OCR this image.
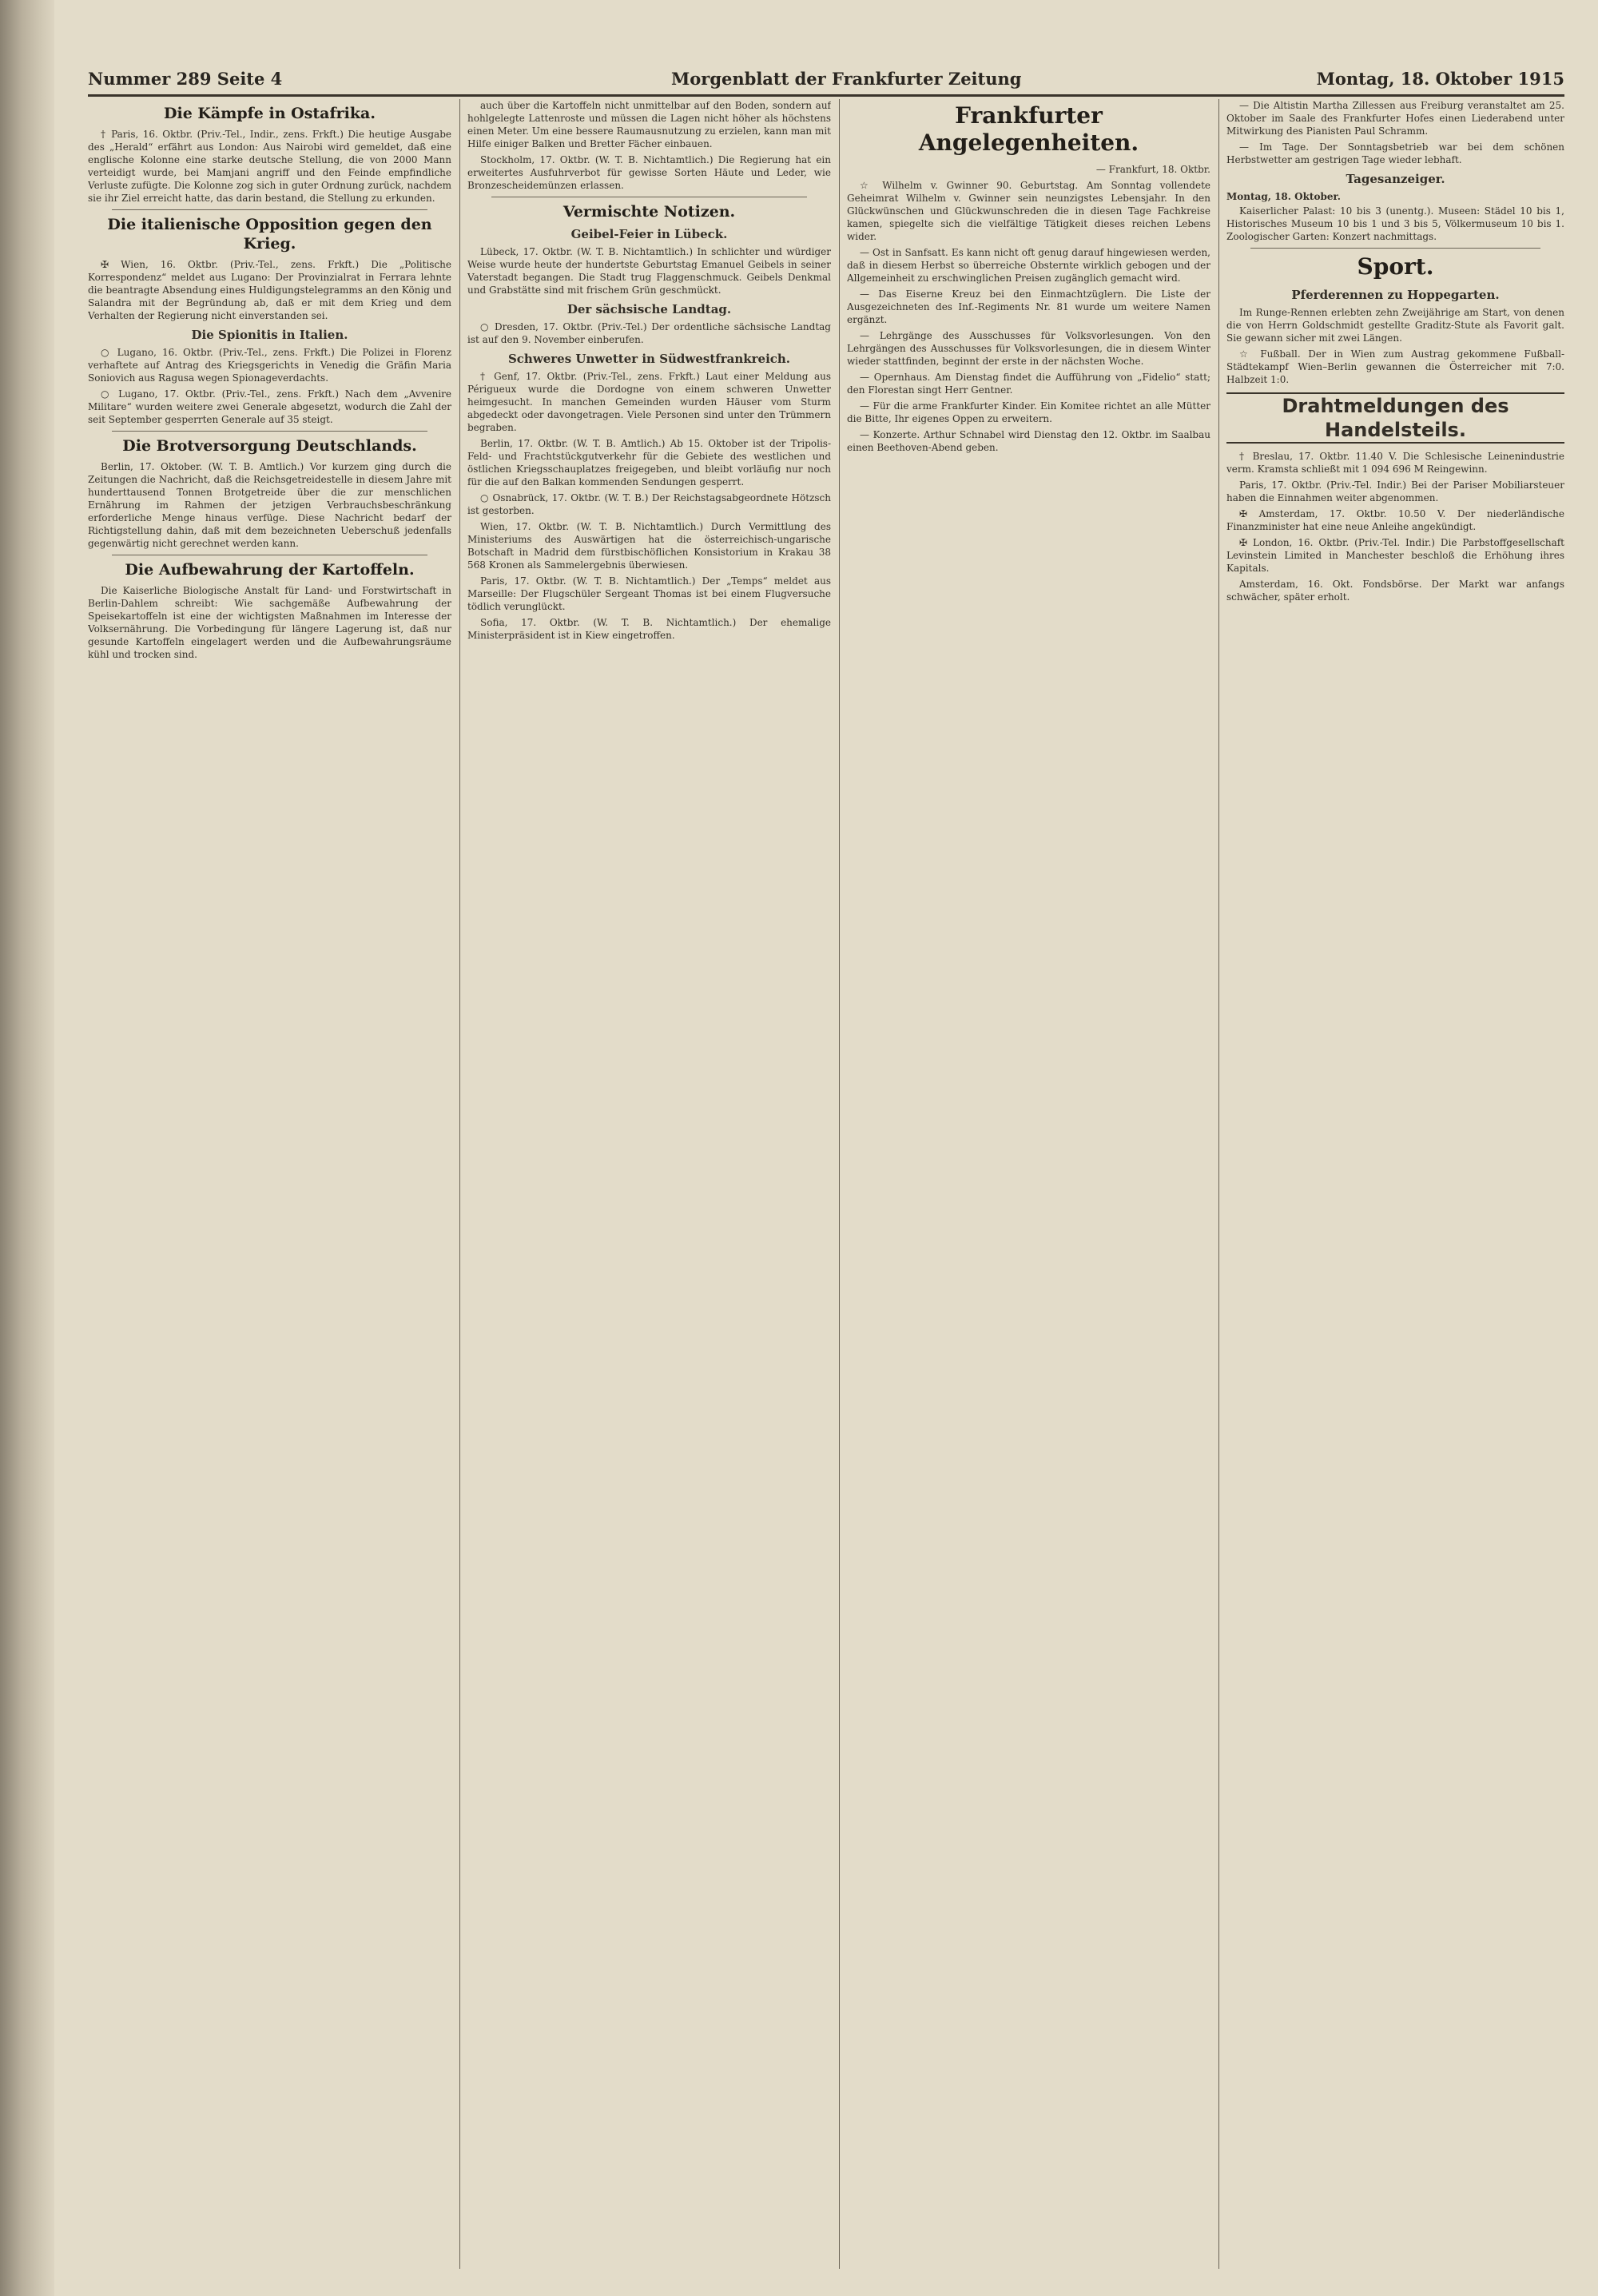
Nummer 289 Seite 4	Morgenblatt der Frankfurter Zeitung	Montag, 18. Oktober 1915
Die Kämpfe in Ostafrika.

† Paris, 16. Oktbr. (Priv.-Tel., Indir., zens. Frkft.) Die heutige Ausgabe des „Herald“ erfährt aus London: Aus Nairobi wird gemeldet, daß eine englische Kolonne eine starke deutsche Stellung, die von 2000 Mann verteidigt wurde, bei Mamjani angriff und den Feinde empfindliche Verluste zufügte. Die Kolonne zog sich in guter Ordnung zurück, nachdem sie ihr Ziel erreicht hatte, das darin bestand, die Stellung zu erkunden.

Die italienische Opposition gegen den Krieg.

✠ Wien, 16. Oktbr. (Priv.-Tel., zens. Frkft.) Die „Politische Korrespondenz“ meldet aus Lugano: Der Provinzialrat in Ferrara lehnte die beantragte Absendung eines Huldigungstelegramms an den König und Salandra mit der Begründung ab, daß er mit dem Krieg und dem Verhalten der Regierung nicht einverstanden sei.

Die Spionitis in Italien.

○ Lugano, 16. Oktbr. (Priv.-Tel., zens. Frkft.) Die Polizei in Florenz verhaftete auf Antrag des Kriegsgerichts in Venedig die Gräfin Maria Soniovich aus Ragusa wegen Spionageverdachts.

○ Lugano, 17. Oktbr. (Priv.-Tel., zens. Frkft.) Nach dem „Avvenire Militare“ wurden weitere zwei Generale abgesetzt, wodurch die Zahl der seit September gesperrten Generale auf 35 steigt.

Die Brotversorgung Deutschlands.

Berlin, 17. Oktober. (W. T. B. Amtlich.) Vor kurzem ging durch die Zeitungen die Nachricht, daß die Reichsgetreidestelle in diesem Jahre mit hunderttausend Tonnen Brotgetreide über die zur menschlichen Ernährung im Rahmen der jetzigen Verbrauchsbeschränkung erforderliche Menge hinaus verfüge. Diese Nachricht bedarf der Richtigstellung dahin, daß mit dem bezeichneten Ueberschuß jedenfalls gegenwärtig nicht gerechnet werden kann.

Die Aufbewahrung der Kartoffeln.

Die Kaiserliche Biologische Anstalt für Land- und Forstwirtschaft in Berlin-Dahlem schreibt: Wie sachgemäße Aufbewahrung der Speisekartoffeln ist eine der wichtigsten Maßnahmen im Interesse der Volksernährung. Die Vorbedingung für längere Lagerung ist, daß nur gesunde Kartoffeln eingelagert werden und die Aufbewahrungsräume kühl und trocken sind.

auch über die Kartoffeln nicht unmittelbar auf den Boden, sondern auf hohlgelegte Lattenroste und müssen die Lagen nicht höher als höchstens einen Meter. Um eine bessere Raumausnutzung zu erzielen, kann man mit Hilfe einiger Balken und Bretter Fächer einbauen.

Stockholm, 17. Oktbr. (W. T. B. Nichtamtlich.) Die Regierung hat ein erweitertes Ausfuhrverbot für gewisse Sorten Häute und Leder, wie Bronzescheidemünzen erlassen.

Vermischte Notizen.
Geibel-Feier in Lübeck.

Lübeck, 17. Oktbr. (W. T. B. Nichtamtlich.) In schlichter und würdiger Weise wurde heute der hundertste Geburtstag Emanuel Geibels in seiner Vaterstadt begangen. Die Stadt trug Flaggenschmuck. Geibels Denkmal und Grabstätte sind mit frischem Grün geschmückt.

Der sächsische Landtag.

○ Dresden, 17. Oktbr. (Priv.-Tel.) Der ordentliche sächsische Landtag ist auf den 9. November einberufen.

Schweres Unwetter in Südwestfrankreich.

† Genf, 17. Oktbr. (Priv.-Tel., zens. Frkft.) Laut einer Meldung aus Périgueux wurde die Dordogne von einem schweren Unwetter heimgesucht. In manchen Gemeinden wurden Häuser vom Sturm abgedeckt oder davongetragen. Viele Personen sind unter den Trümmern begraben.

Berlin, 17. Oktbr. (W. T. B. Amtlich.) Ab 15. Oktober ist der Tripolis-Feld- und Frachtstückgutverkehr für die Gebiete des westlichen und östlichen Kriegsschauplatzes freigegeben, und bleibt vorläufig nur noch für die auf den Balkan kommenden Sendungen gesperrt.

○ Osnabrück, 17. Oktbr. (W. T. B.) Der Reichstagsabgeordnete Hötzsch ist gestorben.

Wien, 17. Oktbr. (W. T. B. Nichtamtlich.) Durch Vermittlung des Ministeriums des Auswärtigen hat die österreichisch-ungarische Botschaft in Madrid dem fürstbischöflichen Konsistorium in Krakau 38 568 Kronen als Sammelergebnis überwiesen.

Paris, 17. Oktbr. (W. T. B. Nichtamtlich.) Der „Temps“ meldet aus Marseille: Der Flugschüler Sergeant Thomas ist bei einem Flugversuche tödlich verunglückt.

Sofia, 17. Oktbr. (W. T. B. Nichtamtlich.) Der ehemalige Ministerpräsident ist in Kiew eingetroffen.

Frankfurter Angelegenheiten.
— Frankfurt, 18. Oktbr.

☆ Wilhelm v. Gwinner 90. Geburtstag. Am Sonntag vollendete Geheimrat Wilhelm v. Gwinner sein neunzigstes Lebensjahr. In den Glückwünschen und Glückwunschreden die in diesen Tage Fachkreise kamen, spiegelte sich die vielfältige Tätigkeit dieses reichen Lebens wider.

— Ost in Sanfsatt. Es kann nicht oft genug darauf hingewiesen werden, daß in diesem Herbst so überreiche Obsternte wirklich gebogen und der Allgemeinheit zu erschwinglichen Preisen zugänglich gemacht wird.

— Das Eiserne Kreuz bei den Einmachtzüglern. Die Liste der Ausgezeichneten des Inf.-Regiments Nr. 81 wurde um weitere Namen ergänzt.

— Lehrgänge des Ausschusses für Volksvorlesungen. Von den Lehrgängen des Ausschusses für Volksvorlesungen, die in diesem Winter wieder stattfinden, beginnt der erste in der nächsten Woche.

— Opernhaus. Am Dienstag findet die Aufführung von „Fidelio“ statt; den Florestan singt Herr Gentner.

— Für die arme Frankfurter Kinder. Ein Komitee richtet an alle Mütter die Bitte, Ihr eigenes Oppen zu erweitern.

— Konzerte. Arthur Schnabel wird Dienstag den 12. Oktbr. im Saalbau einen Beethoven-Abend geben.

— Die Altistin Martha Zillessen aus Freiburg veranstaltet am 25. Oktober im Saale des Frankfurter Hofes einen Liederabend unter Mitwirkung des Pianisten Paul Schramm.

— Im Tage. Der Sonntagsbetrieb war bei dem schönen Herbstwetter am gestrigen Tage wieder lebhaft.

Tagesanzeiger.
Montag, 18. Oktober.

Kaiserlicher Palast: 10 bis 3 (unentg.). Museen: Städel 10 bis 1, Historisches Museum 10 bis 1 und 3 bis 5, Völkermuseum 10 bis 1. Zoologischer Garten: Konzert nachmittags.

Sport.
Pferderennen zu Hoppegarten.

Im Runge-Rennen erlebten zehn Zweijährige am Start, von denen die von Herrn Goldschmidt gestellte Graditz-Stute als Favorit galt. Sie gewann sicher mit zwei Längen.

☆ Fußball. Der in Wien zum Austrag gekommene Fußball-Städtekampf Wien–Berlin gewannen die Österreicher mit 7:0. Halbzeit 1:0.

Drahtmeldungen des Handelsteils.

† Breslau, 17. Oktbr. 11.40 V. Die Schlesische Leinenindustrie verm. Kramsta schließt mit 1 094 696 M Reingewinn.

Paris, 17. Oktbr. (Priv.-Tel. Indir.) Bei der Pariser Mobiliarsteuer haben die Einnahmen weiter abgenommen.

✠ Amsterdam, 17. Oktbr. 10.50 V. Der niederländische Finanzminister hat eine neue Anleihe angekündigt.

✠ London, 16. Oktbr. (Priv.-Tel. Indir.) Die Parbstoffgesellschaft Levinstein Limited in Manchester beschloß die Erhöhung ihres Kapitals.

Amsterdam, 16. Okt. Fondsbörse. Der Markt war anfangs schwächer, später erholt.
